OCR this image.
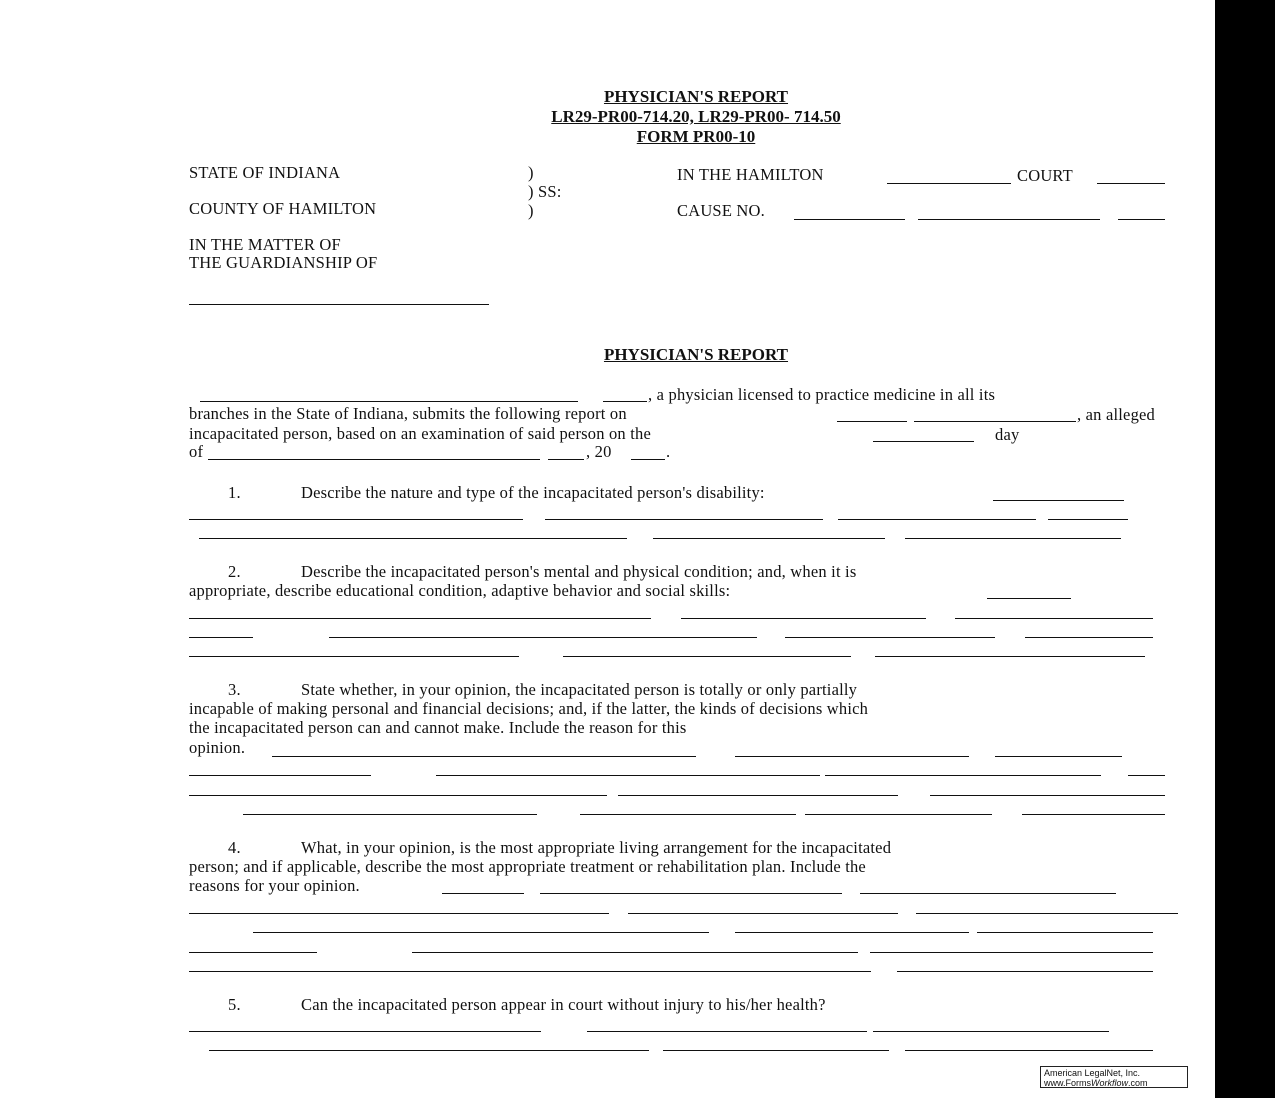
PHYSICIAN'S REPORT
LR29-PR00-714.20, LR29-PR00- 714.50
FORM PR00-10
STATE OF INDIANA
COUNTY OF HAMILTON
)
) SS:
)
IN THE HAMILTON	COURT
CAUSE NO.
IN THE MATTER OF
THE GUARDIANSHIP OF
PHYSICIAN'S REPORT
, a physician licensed to practice medicine in all its
branches in the State of Indiana, submits the following report on	, an alleged
incapacitated person, based on an examination of said person on the	day
of	, 20	.
1.	Describe the nature and type of the incapacitated person's disability:
2.	Describe the incapacitated person's mental and physical condition; and, when it is
appropriate, describe educational condition, adaptive behavior and social skills:
3.	State whether, in your opinion, the incapacitated person is totally or only partially
incapable of making personal and financial decisions; and, if the latter, the kinds of decisions which
the incapacitated person can and cannot make. Include the reason for this
opinion.
4.	What, in your opinion, is the most appropriate living arrangement for the incapacitated
person; and if applicable, describe the most appropriate treatment or rehabilitation plan. Include the
reasons for your opinion.
5.	Can the incapacitated person appear in court without injury to his/her health?
American LegalNet, Inc.
www.FormsWorkflow.com
